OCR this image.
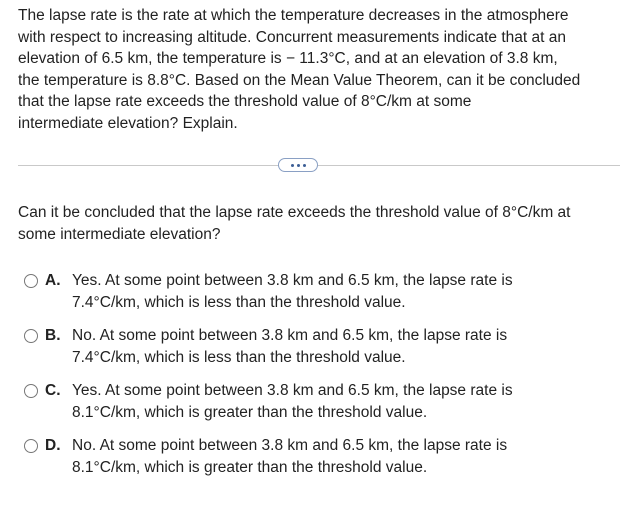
The lapse rate is the rate at which the temperature decreases in the atmosphere

with respect to increasing altitude. Concurrent measurements indicate that at an

elevation of 6.5 km, the temperature is − 11.3°C, and at an elevation of 3.8 km,

the temperature is 8.8°C. Based on the Mean Value Theorem, can it be concluded

that the lapse rate exceeds the threshold value of 8°C/km at some

intermediate elevation? Explain.

Can it be concluded that the lapse rate exceeds the threshold value of 8°C/km at
some intermediate elevation?
A. Yes. At some point between 3.8 km and 6.5 km, the lapse rate is
7.4°C/km, which is less than the threshold value.
B. No. At some point between 3.8 km and 6.5 km, the lapse rate is
7.4°C/km, which is less than the threshold value.
C. Yes. At some point between 3.8 km and 6.5 km, the lapse rate is
8.1°C/km, which is greater than the threshold value.
D. No. At some point between 3.8 km and 6.5 km, the lapse rate is
8.1°C/km, which is greater than the threshold value.
